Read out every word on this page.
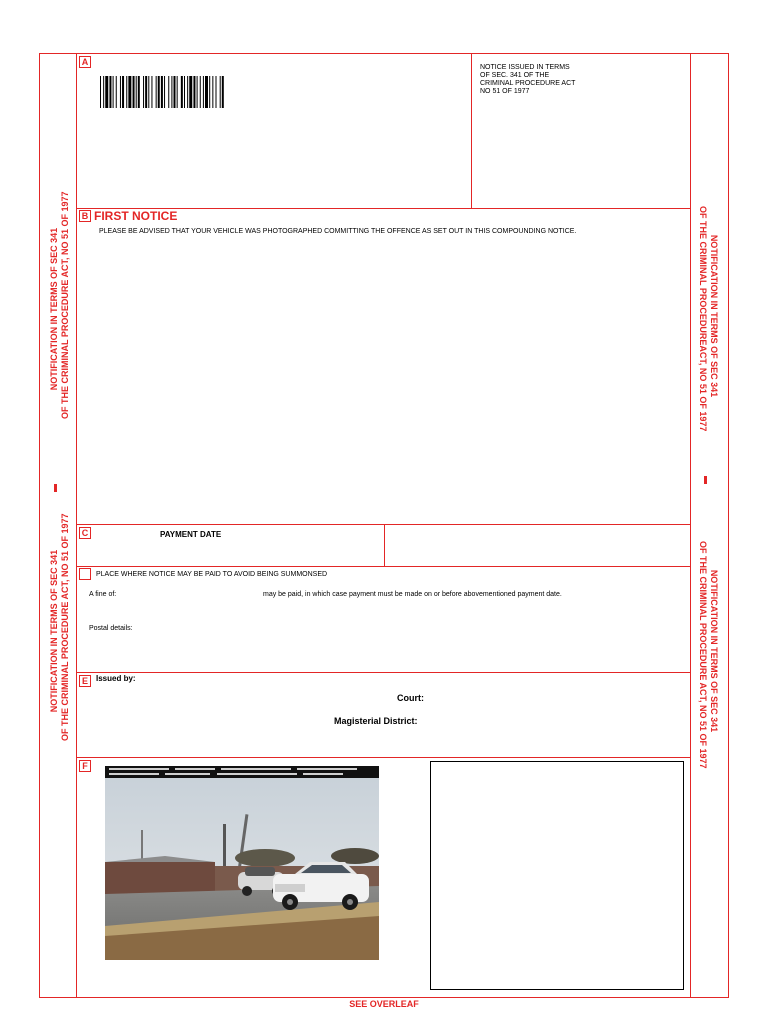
A
B
C
E
F
NOTICE ISSUED IN TERMS
OF SEC. 341 OF THE
CRIMINAL PROCEDURE ACT
NO 51 OF 1977
FIRST NOTICE
PLEASE BE ADVISED THAT YOUR VEHICLE WAS PHOTOGRAPHED COMMITTING THE OFFENCE AS SET OUT IN THIS COMPOUNDING NOTICE.
PAYMENT DATE
PLACE WHERE NOTICE MAY BE PAID TO AVOID BEING SUMMONSED
A fine of:	may be paid, in which case payment must be made on or before abovementioned payment date.
Postal details:
Issued by:
Court:
Magisterial District:
NOTIFICATION IN TERMS OF SEC 341 OF THE CRIMINAL PROCEDURE ACT, NO 51 OF 1977
NOTIFICATION IN TERMS OF SEC 341 OF THE CRIMINAL PROCEDURE ACT, NO 51 OF 1977
NOTIFICATION IN TERMS OF SEC 341
OF THE CRIMINAL PROCEDUREACT, NO 51 OF 1977
NOTIFICATION IN TERMS OF SEC 341
OF THE CRIMINAL PROCEDURE ACT, NO 51 OF 1977
SEE OVERLEAF
